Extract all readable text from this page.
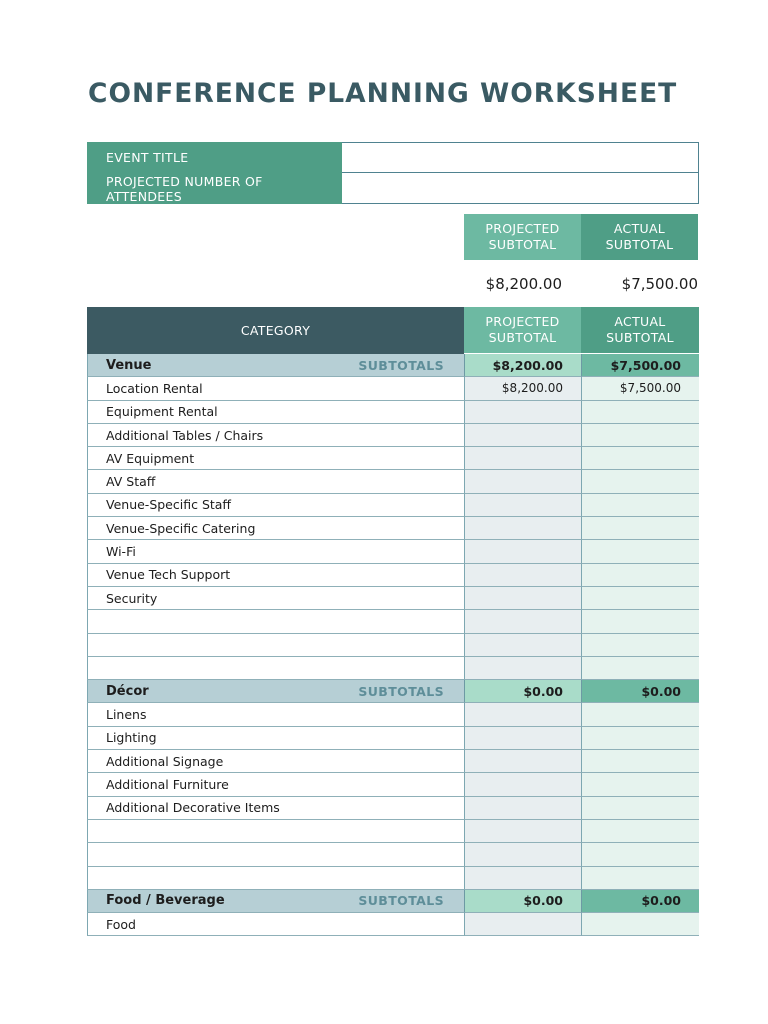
CONFERENCE PLANNING WORKSHEET
EVENT TITLE
PROJECTED NUMBER OF ATTENDEES
PROJECTED SUBTOTAL
ACTUAL SUBTOTAL
$8,200.00	$7,500.00
CATEGORY
PROJECTED SUBTOTAL
ACTUAL SUBTOTAL
Venue	SUBTOTALS	$8,200.00	$7,500.00
Location Rental	$8,200.00	$7,500.00
Equipment Rental
Additional Tables / Chairs
AV Equipment
AV Staff
Venue-Specific Staff
Venue-Specific Catering
Wi-Fi
Venue Tech Support
Security
Décor	SUBTOTALS	$0.00	$0.00
Linens
Lighting
Additional Signage
Additional Furniture
Additional Decorative Items
Food / Beverage	SUBTOTALS	$0.00	$0.00
Food
